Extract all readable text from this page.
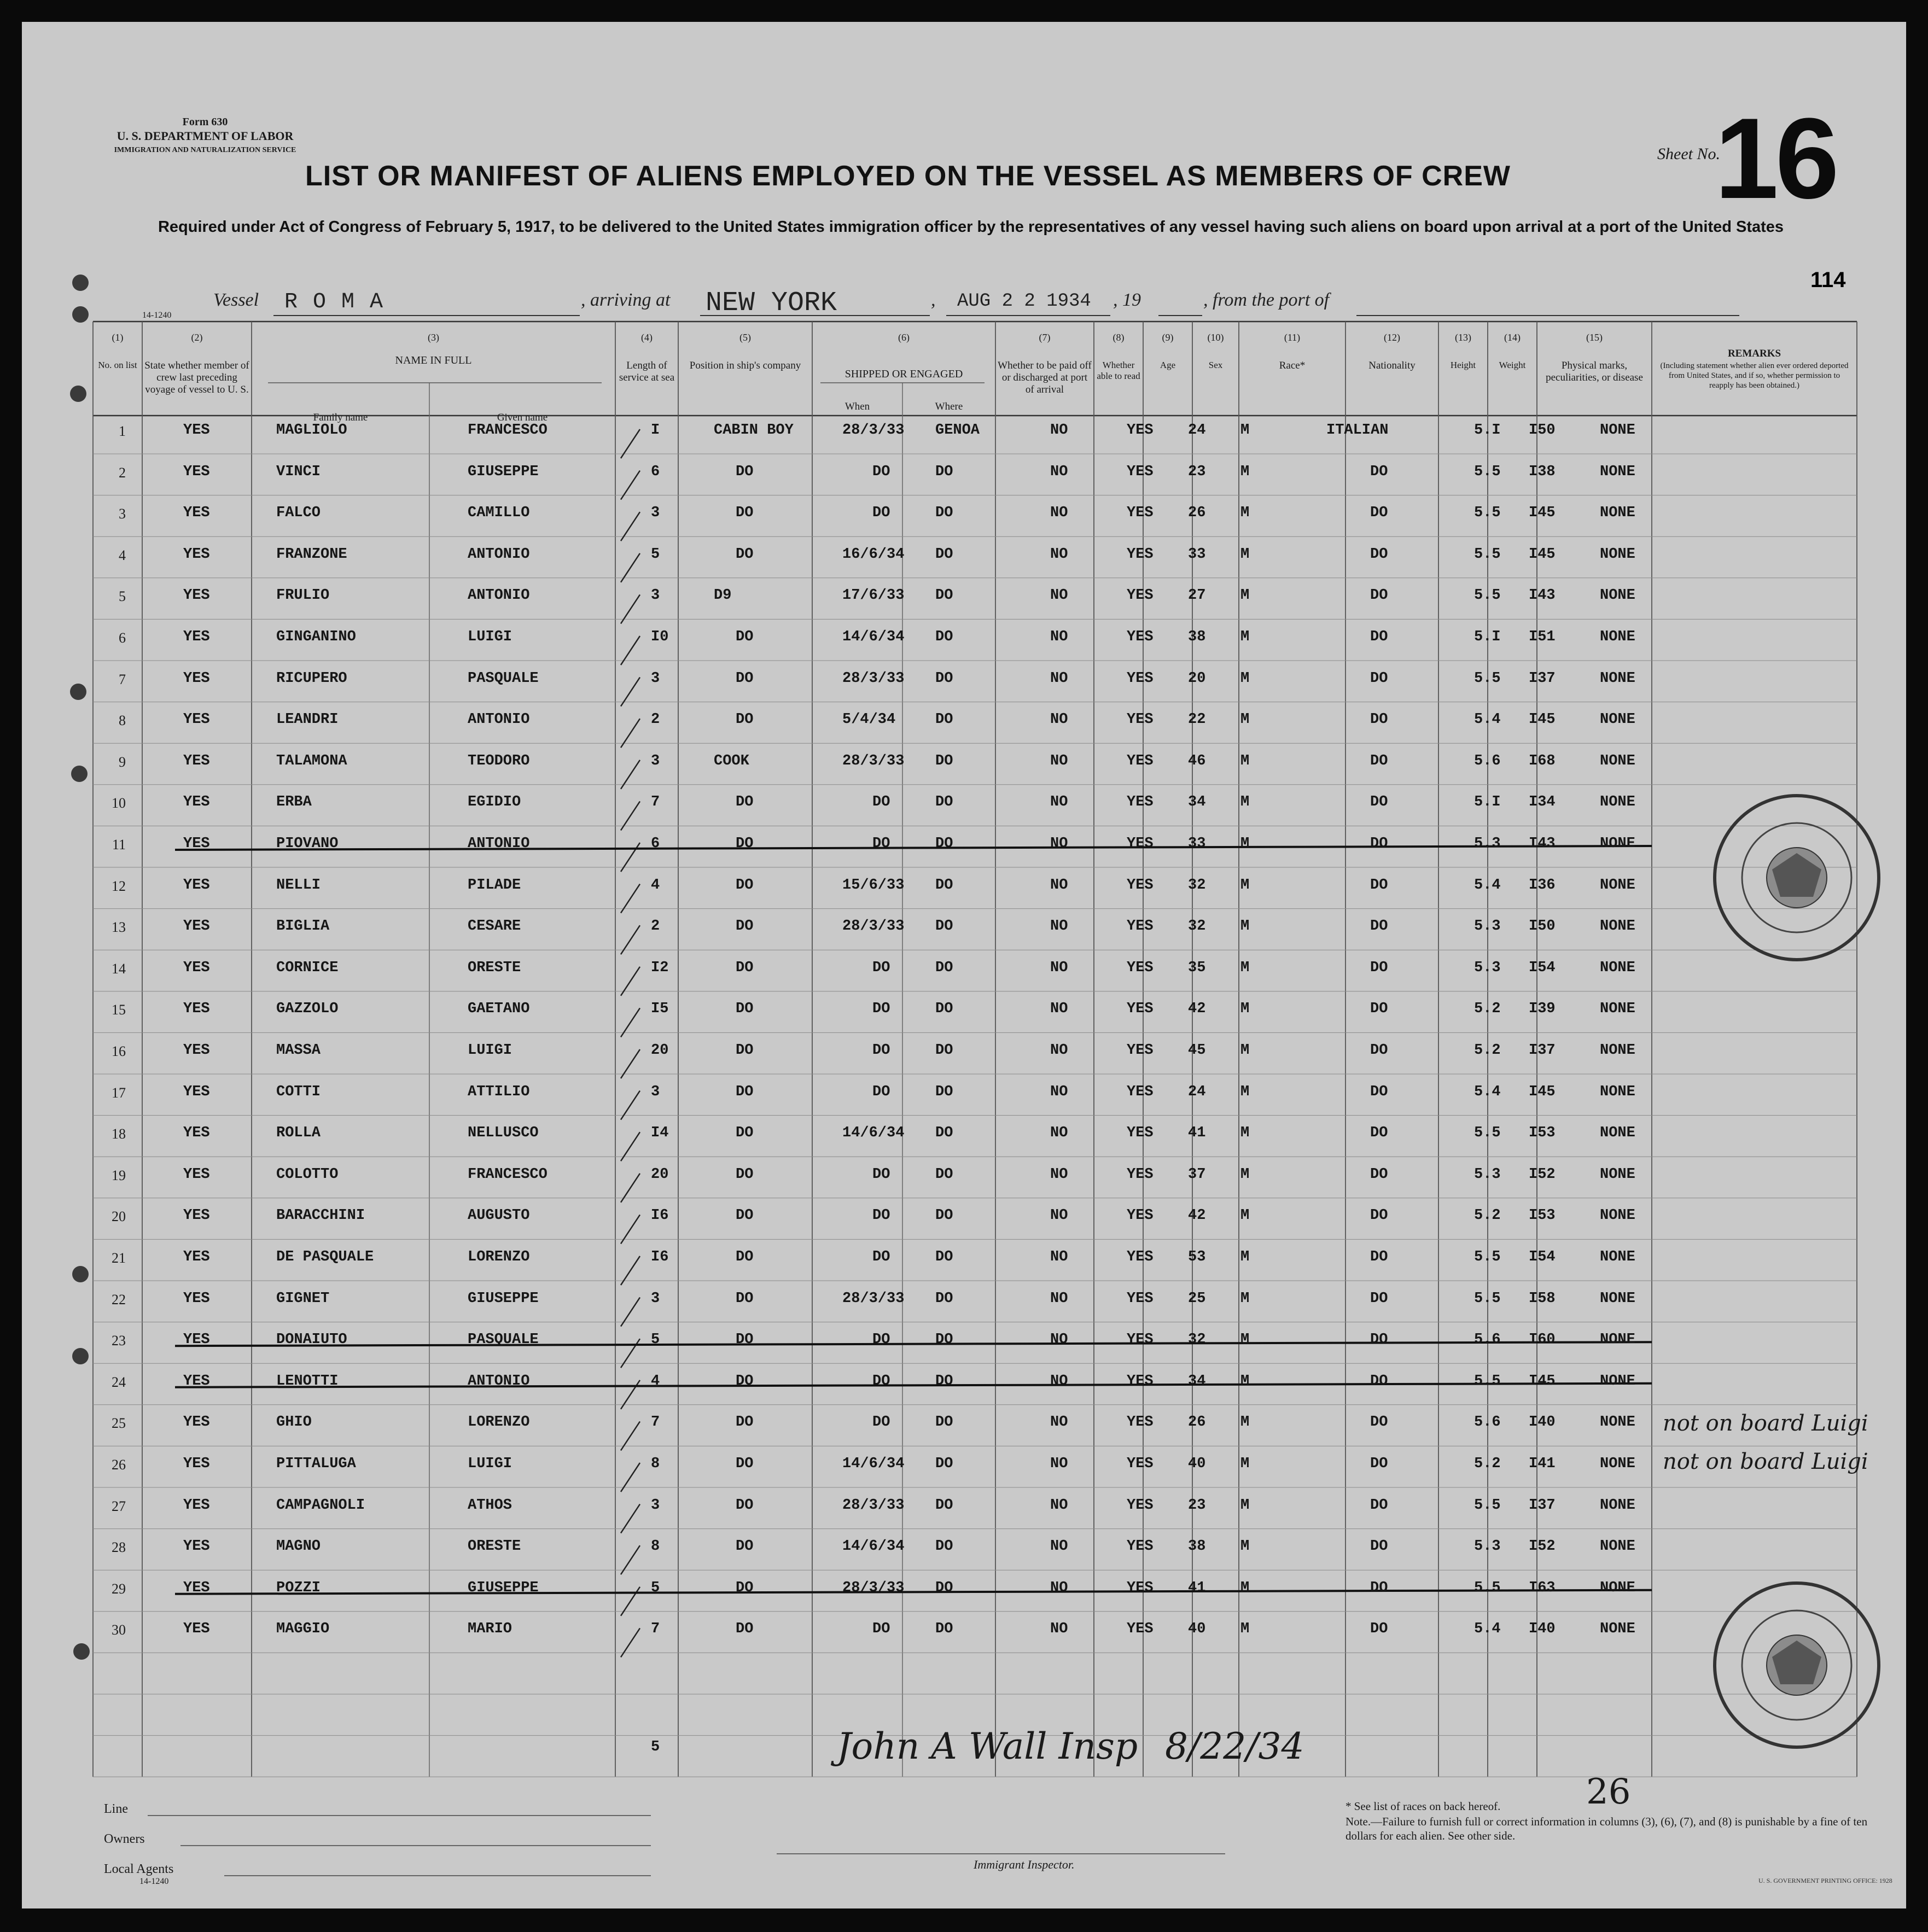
Form 630
U. S. DEPARTMENT OF LABOR
IMMIGRATION AND NATURALIZATION SERVICE
14-1240
Sheet No.
16
LIST OR MANIFEST OF ALIENS EMPLOYED ON THE VESSEL AS MEMBERS OF CREW
Required under Act of Congress of February 5, 1917, to be delivered to the United States immigration officer by the representatives of any vessel having such aliens on board upon arrival at a port of the United States
Vessel R O M A	, arriving at NEW YORK	, AUG 2 2 1934 , 19	, from the port of
114
(1)
No. on list
(2)
State whether member of crew last preceding voyage of vessel to U. S.
(3)
NAME IN FULL
Family name	Given name
(4)
Length of service at sea
(5)
Position in ship's company
(6)
SHIPPED OR ENGAGED
When	Where
(7)
Whether to be paid off or discharged at port of arrival
(8)
Whether able to read
(9)
Age
(10)
Sex
(11)
Race*
(12)
Nationality
(13)
Height
(14)
Weight
(15)
Physical marks, peculiarities, or disease
REMARKS
(Including statement whether alien ever ordered deported from United States, and if so, whether permission to reapply has been obtained.)
1	YES	MAGLIOLO	FRANCESCO	I	CABIN BOY	28/3/33 GENOA	NO	YES 24 M	ITALIAN	5.I I50	NONE
2	YES	VINCI	GIUSEPPE	6	DO	DO	DO	NO	YES 23 M	DO	5.5 I38	NONE
3	YES	FALCO	CAMILLO	3	DO	DO	DO	NO	YES 26 M	DO	5.5 I45	NONE
4	YES	FRANZONE	ANTONIO	5	DO	16/6/34 DO	NO	YES 33 M	DO	5.5 I45	NONE
5	YES	FRULIO	ANTONIO	3	D9	17/6/33 DO	NO	YES 27 M	DO	5.5 I43	NONE
6	YES	GINGANINO	LUIGI	I0	DO	14/6/34 DO	NO	YES 38 M	DO	5.I I51	NONE
7	YES	RICUPERO	PASQUALE	3	DO	28/3/33 DO	NO	YES 20 M	DO	5.5 I37	NONE
8	YES	LEANDRI	ANTONIO	2	DO	5/4/34	DO	NO	YES 22 M	DO	5.4 I45	NONE
9	YES	TALAMONA	TEODORO	3	COOK	28/3/33 DO	NO	YES 46 M	DO	5.6 I68	NONE
10	YES	ERBA	EGIDIO	7	DO	DO	DO	NO	YES 34 M	DO	5.I I34	NONE
11	YES	PIOVANO	ANTONIO	6	DO	DO	DO	NO	YES 33 M	DO	5.3 I43	NONE
12	YES	NELLI	PILADE	4	DO	15/6/33 DO	NO	YES 32 M	DO	5.4 I36	NONE
13	YES	BIGLIA	CESARE	2	DO	28/3/33 DO	NO	YES 32 M	DO	5.3 I50	NONE
14	YES	CORNICE	ORESTE	I2	DO	DO	DO	NO	YES 35 M	DO	5.3 I54	NONE
15	YES	GAZZOLO	GAETANO	I5	DO	DO	DO	NO	YES 42 M	DO	5.2 I39	NONE
16	YES	MASSA	LUIGI	20	DO	DO	DO	NO	YES 45 M	DO	5.2 I37	NONE
17	YES	COTTI	ATTILIO	3	DO	DO	DO	NO	YES 24 M	DO	5.4 I45	NONE
18	YES	ROLLA	NELLUSCO	I4	DO	14/6/34 DO	NO	YES 41 M	DO	5.5 I53	NONE
19	YES	COLOTTO	FRANCESCO	20	DO	DO	DO	NO	YES 37 M	DO	5.3 I52	NONE
20	YES	BARACCHINI	AUGUSTO	I6	DO	DO	DO	NO	YES 42 M	DO	5.2 I53	NONE
21	YES	DE PASQUALE	LORENZO	I6	DO	DO	DO	NO	YES 53 M	DO	5.5 I54	NONE
22	YES	GIGNET	GIUSEPPE	3	DO	28/3/33 DO	NO	YES 25 M	DO	5.5 I58	NONE
23	YES	DONAIUTO	PASQUALE	5	DO	DO	DO	NO	YES 32 M	DO	5.6 I60	NONE
24	YES	LENOTTI	ANTONIO	4	DO	DO	DO	NO	YES 34 M	DO	5.5 I45	NONE
25	YES	GHIO	LORENZO	7	DO	DO	DO	NO	YES 26 M	DO	5.6 I40	NONE
26	YES	PITTALUGA	LUIGI	8	DO	14/6/34 DO	NO	YES 40 M	DO	5.2 I41	NONE
27	YES	CAMPAGNOLI	ATHOS	3	DO	28/3/33 DO	NO	YES 23 M	DO	5.5 I37	NONE
28	YES	MAGNO	ORESTE	8	DO	14/6/34 DO	NO	YES 38 M	DO	5.3 I52	NONE
29	YES	POZZI	GIUSEPPE	5	DO	28/3/33 DO	NO	YES 41 M	DO	5.5 I63	NONE
30	YES	MAGGIO	MARIO	7	DO	DO	DO	NO	YES 40 M	DO	5.4 I40	NONE
5
not on board Luigi
not on board Luigi
John A Wall Insp 8/22/34
26
Line
Owners
Local Agents
14-1240
Immigrant Inspector.
* See list of races on back hereof.
Note.—Failure to furnish full or correct information in columns (3), (6), (7), and (8) is punishable by a fine of ten dollars for each alien. See other side.
U. S. GOVERNMENT PRINTING OFFICE: 1928
